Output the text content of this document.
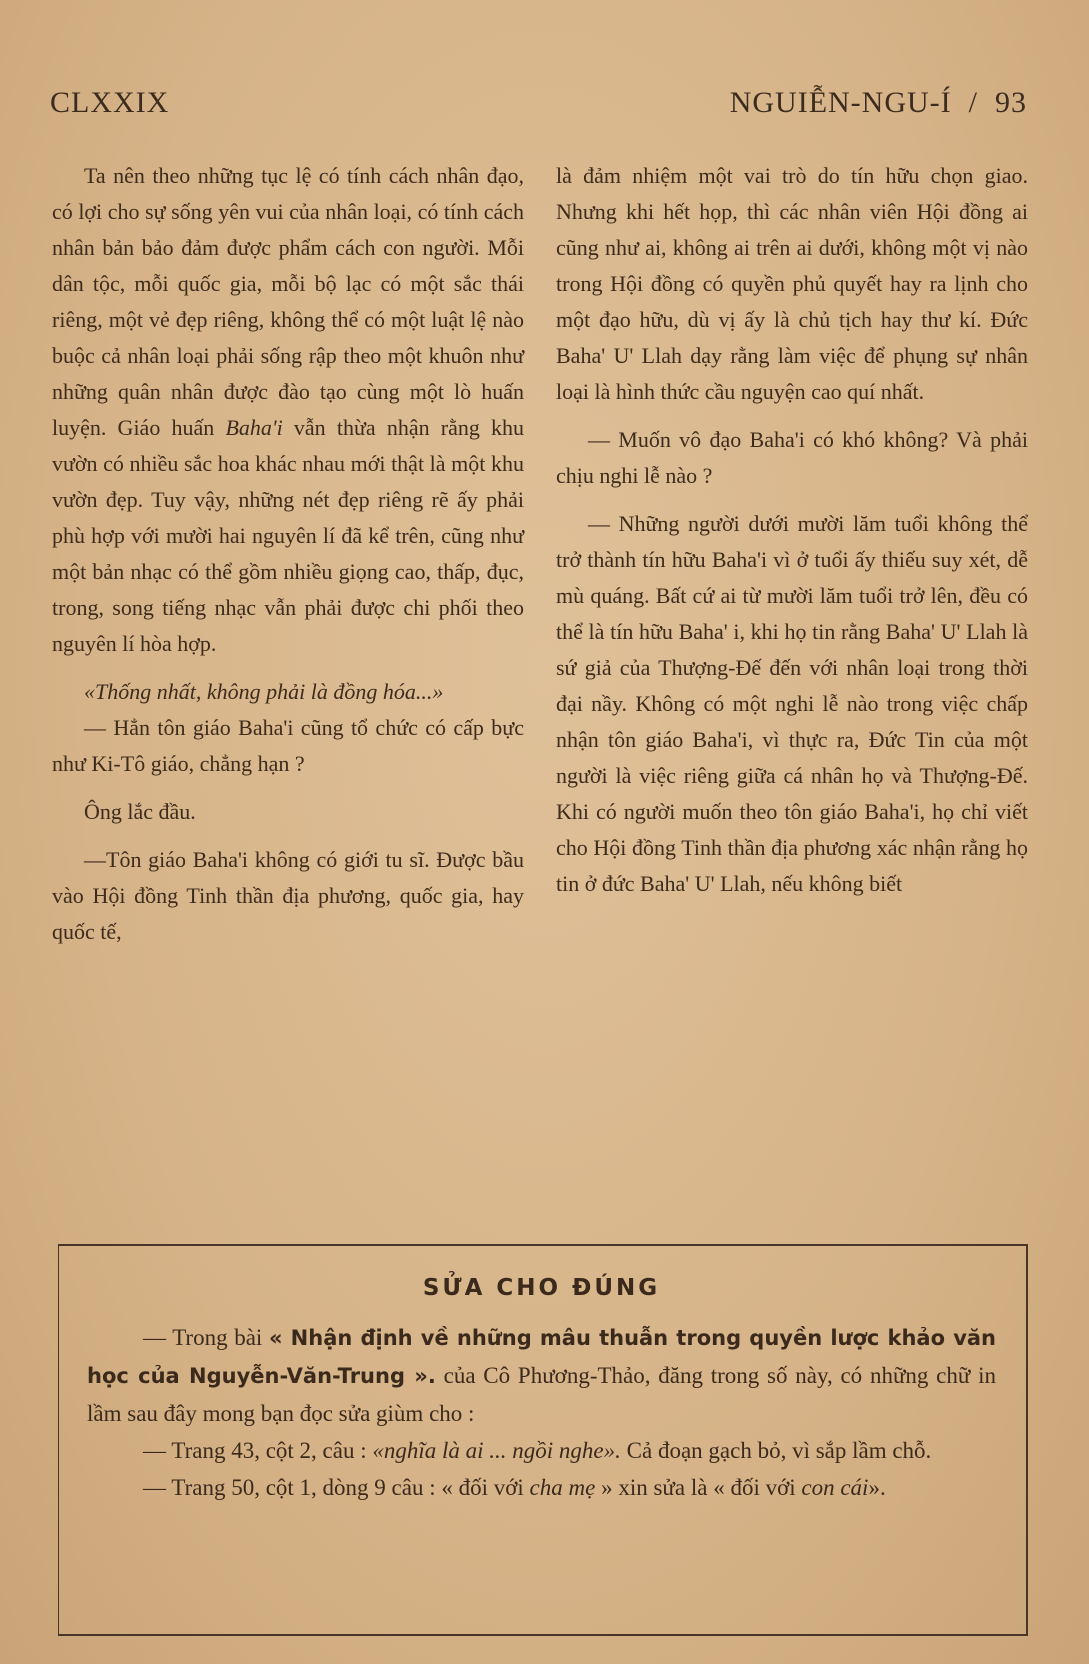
CLXXIX	NGUIỄN-NGU-Í  /  93

Ta nên theo những tục lệ có tính cách nhân đạo, có lợi cho sự sống yên vui của nhân loại, có tính cách nhân bản bảo đảm được phẩm cách con người. Mỗi dân tộc, mỗi quốc gia, mỗi bộ lạc có một sắc thái riêng, một vẻ đẹp riêng, không thể có một luật lệ nào buộc cả nhân loại phải sống rập theo một khuôn như những quân nhân được đào tạo cùng một lò huấn luyện. Giáo huấn Baha'i vẫn thừa nhận rằng khu vườn có nhiều sắc hoa khác nhau mới thật là một khu vườn đẹp. Tuy vậy, những nét đẹp riêng rẽ ấy phải phù hợp với mười hai nguyên lí đã kể trên, cũng như một bản nhạc có thể gồm nhiều giọng cao, thấp, đục, trong, song tiếng nhạc vẫn phải được chi phối theo nguyên lí hòa hợp.

«Thống nhất, không phải là đồng hóa...»

— Hẳn tôn giáo Baha'i cũng tổ chức có cấp bực như Ki-Tô giáo, chẳng hạn ?

Ông lắc đầu.

—Tôn giáo Baha'i không có giới tu sĩ. Được bầu vào Hội đồng Tinh thần địa phương, quốc gia, hay quốc tế,

là đảm nhiệm một vai trò do tín hữu chọn giao. Nhưng khi hết họp, thì các nhân viên Hội đồng ai cũng như ai, không ai trên ai dưới, không một vị nào trong Hội đồng có quyền phủ quyết hay ra lịnh cho một đạo hữu, dù vị ấy là chủ tịch hay thư kí. Đức Baha' U' Llah dạy rằng làm việc để phụng sự nhân loại là hình thức cầu nguyện cao quí nhất.

— Muốn vô đạo Baha'i có khó không? Và phải chịu nghi lễ nào ?

— Những người dưới mười lăm tuổi không thể trở thành tín hữu Baha'i vì ở tuổi ấy thiếu suy xét, dễ mù quáng. Bất cứ ai từ mười lăm tuổi trở lên, đều có thể là tín hữu Baha' i, khi họ tin rằng Baha' U' Llah là sứ giả của Thượng-Đế đến với nhân loại trong thời đại nầy. Không có một nghi lễ nào trong việc chấp nhận tôn giáo Baha'i, vì thực ra, Đức Tin của một người là việc riêng giữa cá nhân họ và Thượng-Đế. Khi có người muốn theo tôn giáo Baha'i, họ chỉ viết cho Hội đồng Tinh thần địa phương xác nhận rằng họ tin ở đức Baha' U' Llah, nếu không biết

SỬA CHO ĐÚNG

— Trong bài « Nhận định về những mâu thuẫn trong quyền lược khảo văn học của Nguyễn-Văn-Trung ». của Cô Phương-Thảo, đăng trong số này, có những chữ in lầm sau đây mong bạn đọc sửa giùm cho :

— Trang 43, cột 2, câu : «nghĩa là ai ... ngồi nghe». Cả đoạn gạch bỏ, vì sắp lầm chỗ.

— Trang 50, cột 1, dòng 9 câu : « đối với cha mẹ » xin sửa là « đối với con cái».
